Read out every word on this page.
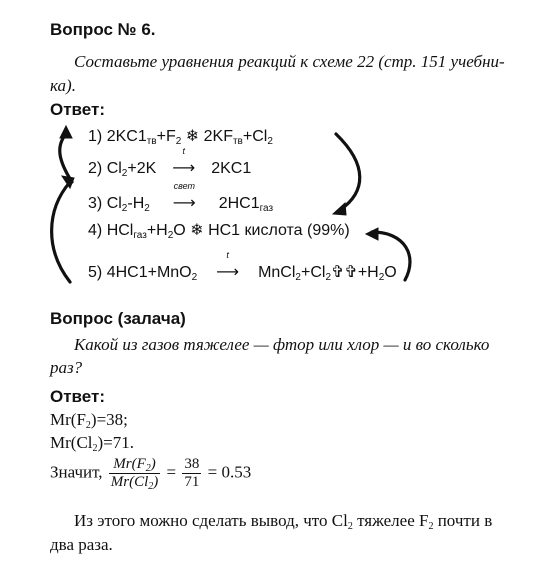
Вопрос № 6.
Составьте уравнения реакций к схеме 22 (стр. 151 учебни-
ка).
Ответ:
1) $2KC1_{тв}+F_2$ ❄ $2KF_{тв}+Cl_2$
2) $Cl_2+2K$
t
⟶ 2KC1
3) $Cl_2-H_2$
свет
⟶ $2HC1_{газ}$
4) $HCl_{газ}+H_2O$ ❄ HC1 кислота (99%)
5) 4HC1+MnO$_2$
t
⟶ $MnCl_2+Cl_2✞✞+H_2O$
Вопрос (залача)
Какой из газов тяжелее — фтор или хлор — и во сколько
раз?
Ответ:
$Mr(F_2)=38$;
$Mr(Cl_2)=71$.
Значит, $\frac{Mr(F_2)}{Mr(Cl_2)} = \frac{38}{71} = 0.53$
Из этого можно сделать вывод, что $Cl_2$ тяжелее $F_2$ почти в
два раза.
